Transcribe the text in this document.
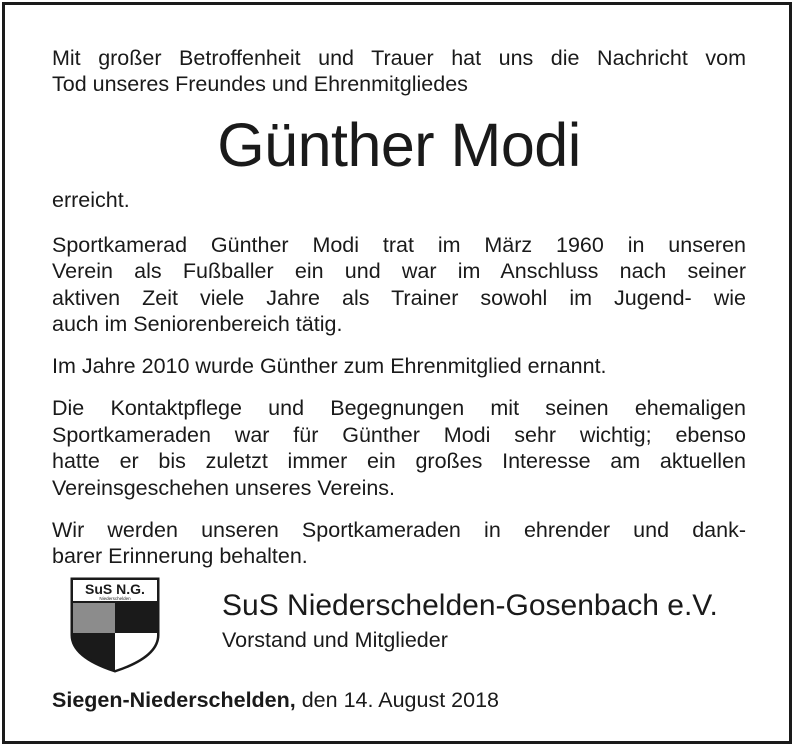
Mit großer Betroffenheit und Trauer hat uns die Nachricht vom
Tod unseres Freundes und Ehrenmitgliedes
Günther Modi
erreicht.
Sportkamerad Günther Modi trat im März 1960 in unseren
Verein als Fußballer ein und war im Anschluss nach seiner
aktiven Zeit viele Jahre als Trainer sowohl im Jugend- wie
auch im Seniorenbereich tätig.
Im Jahre 2010 wurde Günther zum Ehrenmitglied ernannt.
Die Kontaktpflege und Begegnungen mit seinen ehemaligen
Sportkameraden war für Günther Modi sehr wichtig; ebenso
hatte er bis zuletzt immer ein großes Interesse am aktuellen
Vereinsgeschehen unseres Vereins.
Wir werden unseren Sportkameraden in ehrender und dank-
barer Erinnerung behalten.
SuS N.G.
Niederschelden	SuS Niederschelden-Gosenbach e.V.
Vorstand und Mitglieder
Siegen-Niederschelden, den 14. August 2018
